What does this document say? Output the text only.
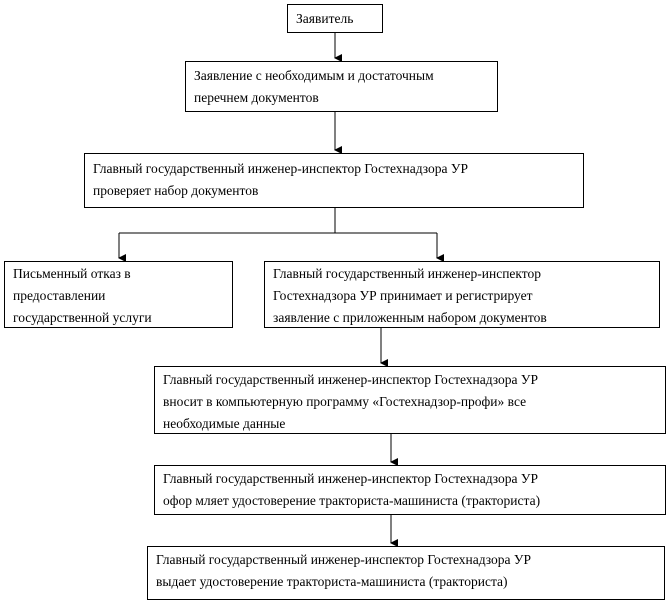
Заявитель
Заявление с необходимым и достаточным
перечнем документов
Главный государственный инженер-инспектор Гостехнадзора УР
проверяет набор документов
Письменный отказ в
предоставлении
государственной услуги
Главный государственный инженер-инспектор
Гостехнадзора УР принимает и регистрирует
заявление с приложенным набором документов
Главный государственный инженер-инспектор Гостехнадзора УР
вносит в компьютерную программу «Гостехнадзор-профи» все
необходимые данные
Главный государственный инженер-инспектор Гостехнадзора УР
офор мляет удостоверение тракториста-машиниста (тракториста)
Главный государственный инженер-инспектор Гостехнадзора УР
выдает удостоверение тракториста-машиниста (тракториста)
